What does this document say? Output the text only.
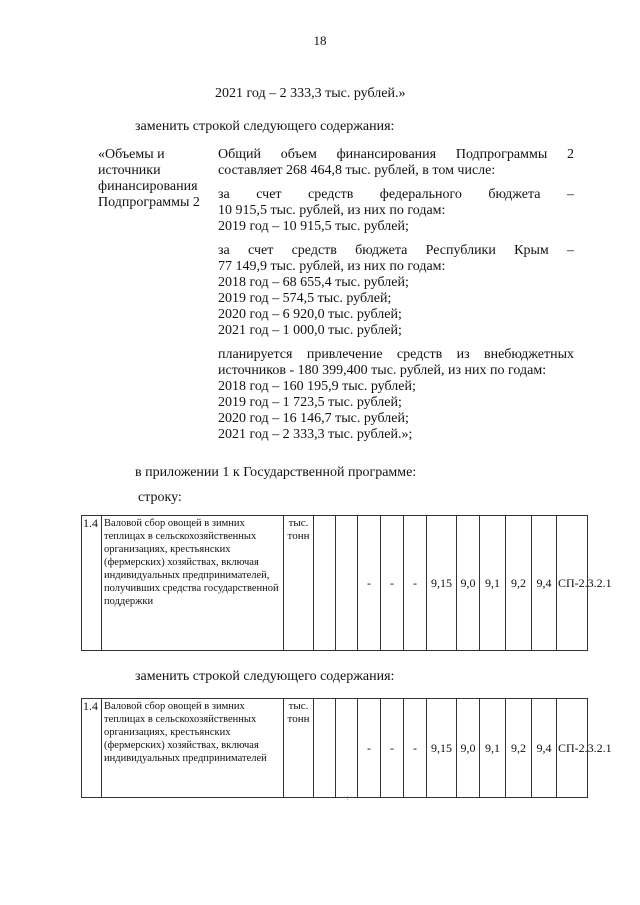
18
2021 год – 2 333,3 тыс. рублей.»
заменить строкой следующего содержания:
«Объемы и
источники
финансирования
Подпрограммы 2
Общий объем финансирования Подпрограммы 2
составляет 268 464,8 тыс. рублей, в том числе:
за счет средств федерального бюджета –
10 915,5 тыс. рублей, из них по годам:
2019 год – 10 915,5 тыс. рублей;
за счет средств бюджета Республики Крым –
77 149,9 тыс. рублей, из них по годам:
2018 год – 68 655,4 тыс. рублей;
2019 год – 574,5 тыс. рублей;
2020 год – 6 920,0 тыс. рублей;
2021 год – 1 000,0 тыс. рублей;
планируется привлечение средств из внебюджетных
источников - 180 399,400 тыс. рублей, из них по годам:
2018 год – 160 195,9 тыс. рублей;
2019 год – 1 723,5 тыс. рублей;
2020 год – 16 146,7 тыс. рублей;
2021 год – 2 333,3 тыс. рублей.»;
в приложении 1 к Государственной программе:
строку:
1.4	Валовой сбор овощей в зимних теплицах в сельскохозяйственных организациях, крестьянских (фермерских) хозяйствах, включая индивидуальных предпринимателей, получивших средства государственной поддержки	тыс. тонн			-	-	-	9,15	9,0	9,1	9,2	9,4	СП-2.3.2.1
заменить строкой следующего содержания:
1.4	Валовой сбор овощей в зимних теплицах в сельскохозяйственных организациях, крестьянских (фермерских) хозяйствах, включая индивидуальных предпринимателей	тыс. тонн			-	-	-	9,15	9,0	9,1	9,2	9,4	СП-2.3.2.1
·:·
